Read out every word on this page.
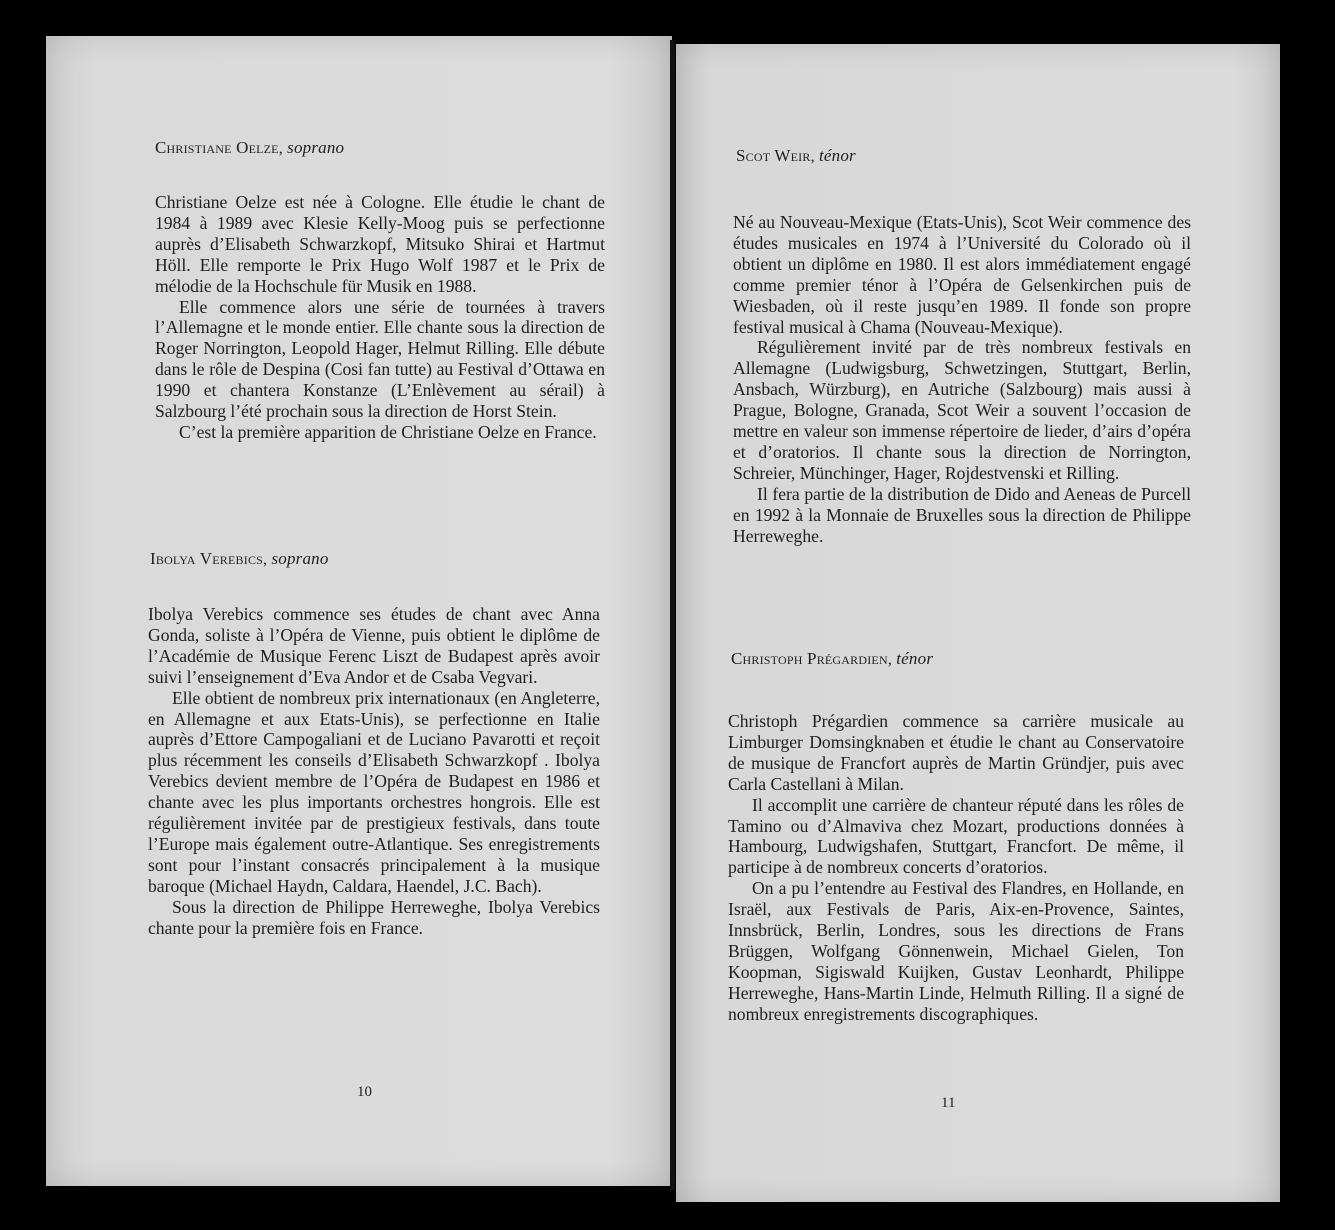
Christiane Oelze, soprano

Christiane Oelze est née à Cologne. Elle étudie le chant de 1984 à 1989 avec Klesie Kelly-Moog puis se perfectionne auprès d’Elisabeth Schwarzkopf, Mitsuko Shirai et Hartmut Höll. Elle remporte le Prix Hugo Wolf 1987 et le Prix de mélodie de la Hochschule für Musik en 1988.

Elle commence alors une série de tournées à travers l’Allemagne et le monde entier. Elle chante sous la direction de Roger Norrington, Leopold Hager, Helmut Rilling. Elle débute dans le rôle de Despina (Cosi fan tutte) au Festival d’Ottawa en 1990 et chantera Konstanze (L’Enlèvement au sérail) à Salzbourg l’été prochain sous la direction de Horst Stein.

C’est la première apparition de Christiane Oelze en France.

Ibolya Verebics, soprano

Ibolya Verebics commence ses études de chant avec Anna Gonda, soliste à l’Opéra de Vienne, puis obtient le diplôme de l’Académie de Musique Ferenc Liszt de Budapest après avoir suivi l’enseignement d’Eva Andor et de Csaba Vegvari.

Elle obtient de nombreux prix internationaux (en Angleterre, en Allemagne et aux Etats-Unis), se perfectionne en Italie auprès d’Ettore Campogaliani et de Luciano Pavarotti et reçoit plus récemment les conseils d’Elisabeth Schwarzkopf . Ibolya Verebics devient membre de l’Opéra de Budapest en 1986 et chante avec les plus importants orchestres hongrois. Elle est régulièrement invitée par de prestigieux festivals, dans toute l’Europe mais également outre-Atlantique. Ses enregistrements sont pour l’instant consacrés principalement à la musique baroque (Michael Haydn, Caldara, Haendel, J.C. Bach).

Sous la direction de Philippe Herreweghe, Ibolya Verebics chante pour la première fois en France.

10

Scot Weir, ténor

Né au Nouveau-Mexique (Etats-Unis), Scot Weir commence des études musicales en 1974 à l’Université du Colorado où il obtient un diplôme en 1980. Il est alors immédiatement engagé comme premier ténor à l’Opéra de Gelsenkirchen puis de Wiesbaden, où il reste jusqu’en 1989. Il fonde son propre festival musical à Chama (Nouveau-Mexique).

Régulièrement invité par de très nombreux festivals en Allemagne (Ludwigsburg, Schwetzingen, Stuttgart, Berlin, Ansbach, Würzburg), en Autriche (Salzbourg) mais aussi à Prague, Bologne, Granada, Scot Weir a souvent l’occasion de mettre en valeur son immense répertoire de lieder, d’airs d’opéra et d’oratorios. Il chante sous la direction de Norrington, Schreier, Münchinger, Hager, Rojdestvenski et Rilling.

Il fera partie de la distribution de Dido and Aeneas de Purcell en 1992 à la Monnaie de Bruxelles sous la direction de Philippe Herreweghe.

Christoph Prégardien, ténor

Christoph Prégardien commence sa carrière musicale au Limburger Domsingknaben et étudie le chant au Conservatoire de musique de Francfort auprès de Martin Gründjer, puis avec Carla Castellani à Milan.

Il accomplit une carrière de chanteur réputé dans les rôles de Tamino ou d’Almaviva chez Mozart, productions données à Hambourg, Ludwigshafen, Stuttgart, Francfort. De même, il participe à de nombreux concerts d’oratorios.

On a pu l’entendre au Festival des Flandres, en Hollande, en Israël, aux Festivals de Paris, Aix-en-Provence, Saintes, Innsbrück, Berlin, Londres, sous les directions de Frans Brüggen, Wolfgang Gönnenwein, Michael Gielen, Ton Koopman, Sigiswald Kuijken, Gustav Leonhardt, Philippe Herreweghe, Hans-Martin Linde, Helmuth Rilling. Il a signé de nombreux enregistrements discographiques.

11
